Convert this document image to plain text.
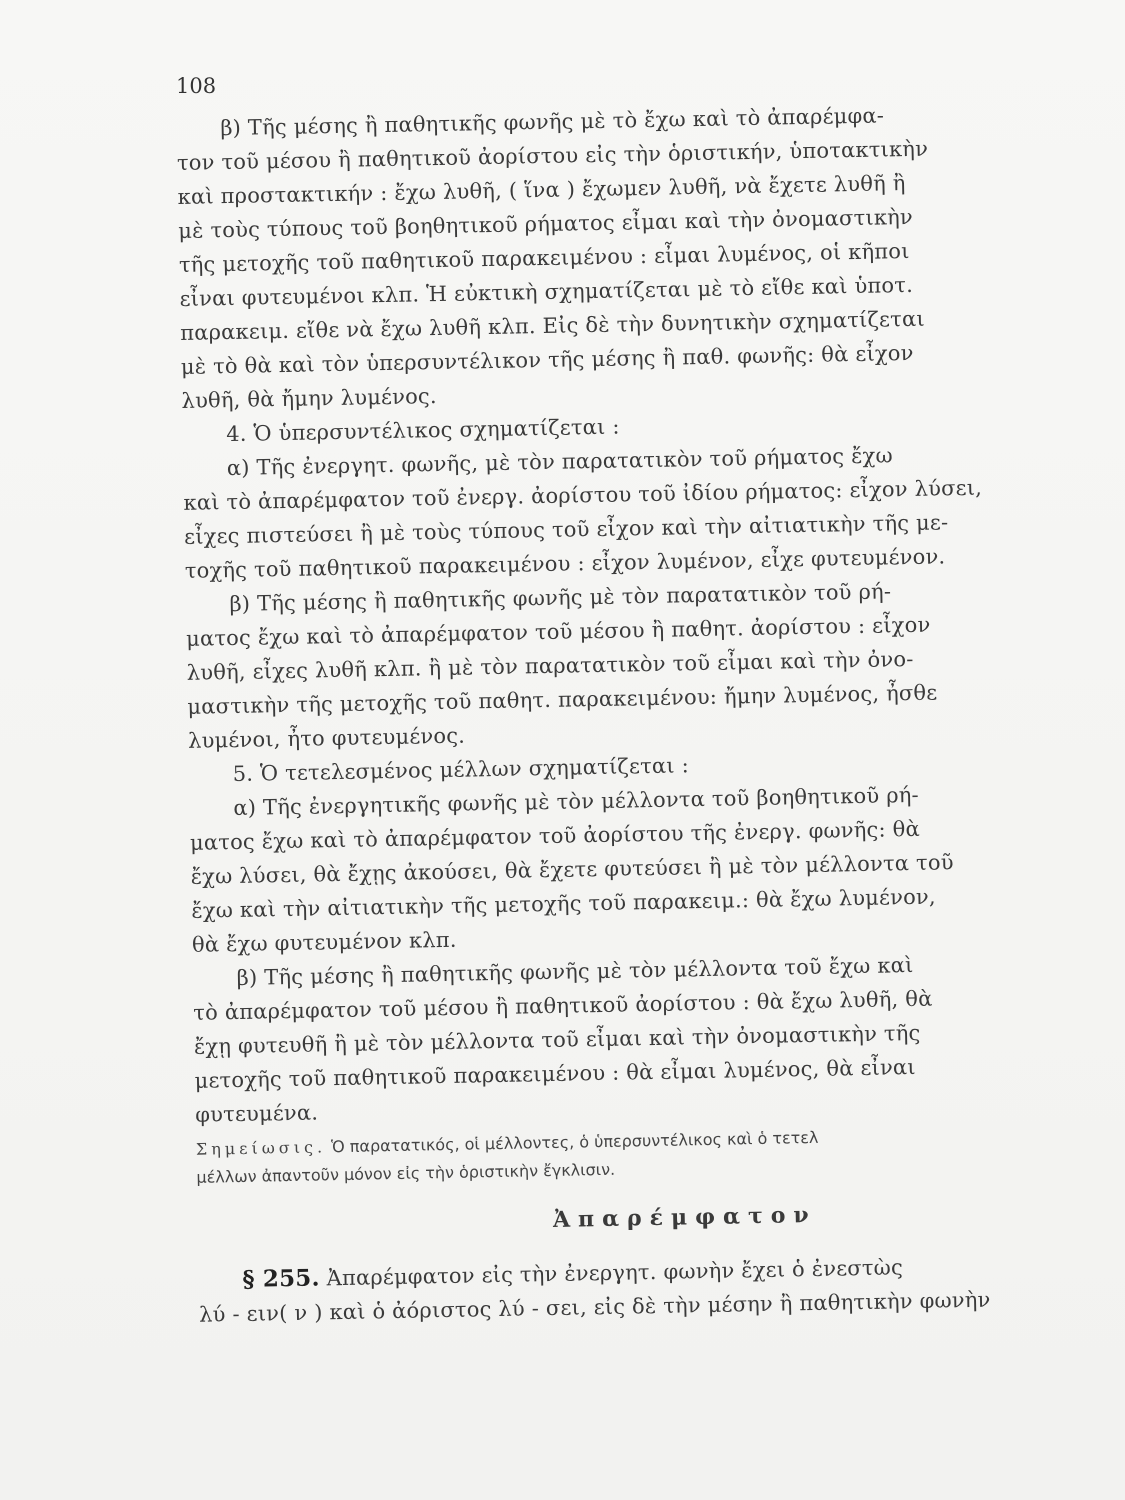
108
β) Τῆς μέσης ἢ παθητικῆς φωνῆς μὲ τὸ ἔχω καὶ τὸ ἀπαρέμφα-
τον τοῦ μέσου ἢ παθητικοῦ ἀορίστου εἰς τὴν ὁριστικήν, ὑποτακτικὴν
καὶ προστακτικήν : ἔχω λυθῆ, ( ἵνα ) ἔχωμεν λυθῆ, νὰ ἔχετε λυθῆ ἢ
μὲ τοὺς τύπους τοῦ βοηθητικοῦ ρήματος εἶμαι καὶ τὴν ὀνομαστικὴν
τῆς μετοχῆς τοῦ παθητικοῦ παρακειμένου : εἶμαι λυμένος, οἱ κῆποι
εἶναι φυτευμένοι κλπ. Ἡ εὐκτικὴ σχηματίζεται μὲ τὸ εἴθε καὶ ὑποτ.
παρακειμ. εἴθε νὰ ἔχω λυθῆ κλπ. Εἰς δὲ τὴν δυνητικὴν σχηματίζεται
μὲ τὸ θὰ καὶ τὸν ὑπερσυντέλικον τῆς μέσης ἢ παθ. φωνῆς: θὰ εἶχον
λυθῆ, θὰ ἤμην λυμένος.
4. Ὁ ὑπερσυντέλικος σχηματίζεται :
α) Τῆς ἐνεργητ. φωνῆς, μὲ τὸν παρατατικὸν τοῦ ρήματος ἔχω
καὶ τὸ ἀπαρέμφατον τοῦ ἐνεργ. ἀορίστου τοῦ ἰδίου ρήματος: εἶχον λύσει,
εἶχες πιστεύσει ἢ μὲ τοὺς τύπους τοῦ εἶχον καὶ τὴν αἰτιατικὴν τῆς με-
τοχῆς τοῦ παθητικοῦ παρακειμένου : εἶχον λυμένον, εἶχε φυτευμένον.
β) Τῆς μέσης ἢ παθητικῆς φωνῆς μὲ τὸν παρατατικὸν τοῦ ρή-
ματος ἔχω καὶ τὸ ἀπαρέμφατον τοῦ μέσου ἢ παθητ. ἀορίστου : εἶχον
λυθῆ, εἶχες λυθῆ κλπ. ἢ μὲ τὸν παρατατικὸν τοῦ εἶμαι καὶ τὴν ὀνο-
μαστικὴν τῆς μετοχῆς τοῦ παθητ. παρακειμένου: ἤμην λυμένος, ἦσθε
λυμένοι, ἦτο φυτευμένος.
5. Ὁ τετελεσμένος μέλλων σχηματίζεται :
α) Τῆς ἐνεργητικῆς φωνῆς μὲ τὸν μέλλοντα τοῦ βοηθητικοῦ ρή-
ματος ἔχω καὶ τὸ ἀπαρέμφατον τοῦ ἀορίστου τῆς ἐνεργ. φωνῆς: θὰ
ἔχω λύσει, θὰ ἔχῃς ἀκούσει, θὰ ἔχετε φυτεύσει ἢ μὲ τὸν μέλλοντα τοῦ
ἔχω καὶ τὴν αἰτιατικὴν τῆς μετοχῆς τοῦ παρακειμ.: θὰ ἔχω λυμένον,
θὰ ἔχω φυτευμένον κλπ.
β) Τῆς μέσης ἢ παθητικῆς φωνῆς μὲ τὸν μέλλοντα τοῦ ἔχω καὶ
τὸ ἀπαρέμφατον τοῦ μέσου ἢ παθητικοῦ ἀορίστου : θὰ ἔχω λυθῆ, θὰ
ἔχῃ φυτευθῆ ἢ μὲ τὸν μέλλοντα τοῦ εἶμαι καὶ τὴν ὀνομαστικὴν τῆς
μετοχῆς τοῦ παθητικοῦ παρακειμένου : θὰ εἶμαι λυμένος, θὰ εἶναι
φυτευμένα.
Σημείωσις. Ὁ παρατατικός, οἱ μέλλοντες, ὁ ὑπερσυντέλικος καὶ ὁ τετελ
μέλλων ἀπαντοῦν μόνον εἰς τὴν ὁριστικὴν ἔγκλισιν.
Ἀπαρέμφατον
§ 255. Ἀπαρέμφατον εἰς τὴν ἐνεργητ. φωνὴν ἔχει ὁ ἐνεστὼς
λύ - ειν( ν ) καὶ ὁ ἀόριστος λύ - σει, εἰς δὲ τὴν μέσην ἢ παθητικὴν φωνὴν
